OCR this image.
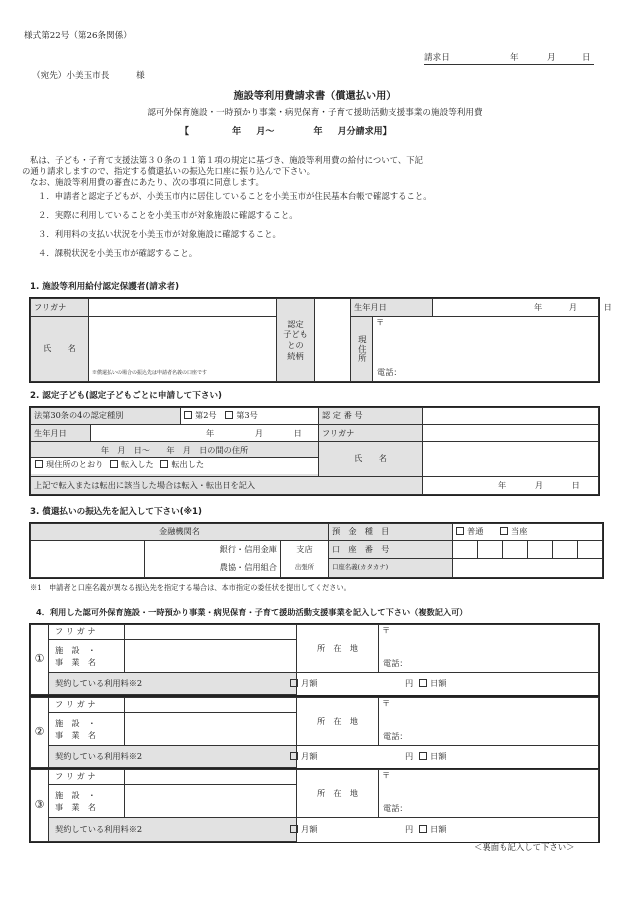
様式第22号（第26条関係）
請求日	年	月	日
（宛先）小美玉市長	様
施設等利用費請求書（償還払い用）
認可外保育施設・一時預かり事業・病児保育・子育て援助活動支援事業の施設等利用費
【	年 月～	年 月分請求用】
私は、子ども・子育て支援法第３０条の１１第１項の規定に基づき、施設等利用費の給付について、下記
の通り請求しますので、指定する償還払いの振込先口座に振り込んで下さい。
なお、施設等利用費の審査にあたり、次の事項に同意します。

１．申請者と認定子どもが、小美玉市内に居住していることを小美玉市が住民基本台帳で確認すること。

２．実際に利用していることを小美玉市が対象施設に確認すること。

３．利用料の支払い状況を小美玉市が対象施設に確認すること。

４．課税状況を小美玉市が確認すること。

1. 施設等利用給付認定保護者(請求者)
フリガナ		認定
子ども
との
続柄		生年月日		年 月 日
氏　　名	※償還払いの場合の振込先は申請者名義の口座です			現住所	〒
電話：	
2. 認定子ども(認定子どもごとに申請して下さい)
法第30条の4の認定種別		第2号 第3号	認 定 番 号	
生年月日	年 月 日		フリガナ	

年　月　日～　　年　月　日の間の住所
現住所のとおり 転入した 転出した			氏　　名	
上記で転入または転出に該当した場合は転入・転出日を記入				年 月 日
3. 償還払いの振込先を記入して下さい(※1)
金融機関名			預　金　種　目	普通 当座					
	銀行・信用金庫	支店	口　座　番　号						
	農協・信用組合	出張所	口座名義(カタカナ)						
※1　申請者と口座名義が異なる振込先を指定する場合は、本市指定の委任状を提出してください。
4．利用した認可外保育施設・一時預かり事業・病児保育・子育て援助活動支援事業を記入して下さい（複数記入可）
①	フ リ ガ ナ		所　在　地	〒
電話：	

	施　設　・
事　業　名				

	契約している利用料※2		月額 円 日額

②	フ リ ガ ナ		所　在　地	〒
電話：	

	施　設　・
事　業　名				

	契約している利用料※2		月額 円 日額

③	フ リ ガ ナ		所　在　地	〒
電話：	

	施　設　・
事　業　名				

	契約している利用料※2		月額 円 日額

＜裏面も記入して下さい＞
